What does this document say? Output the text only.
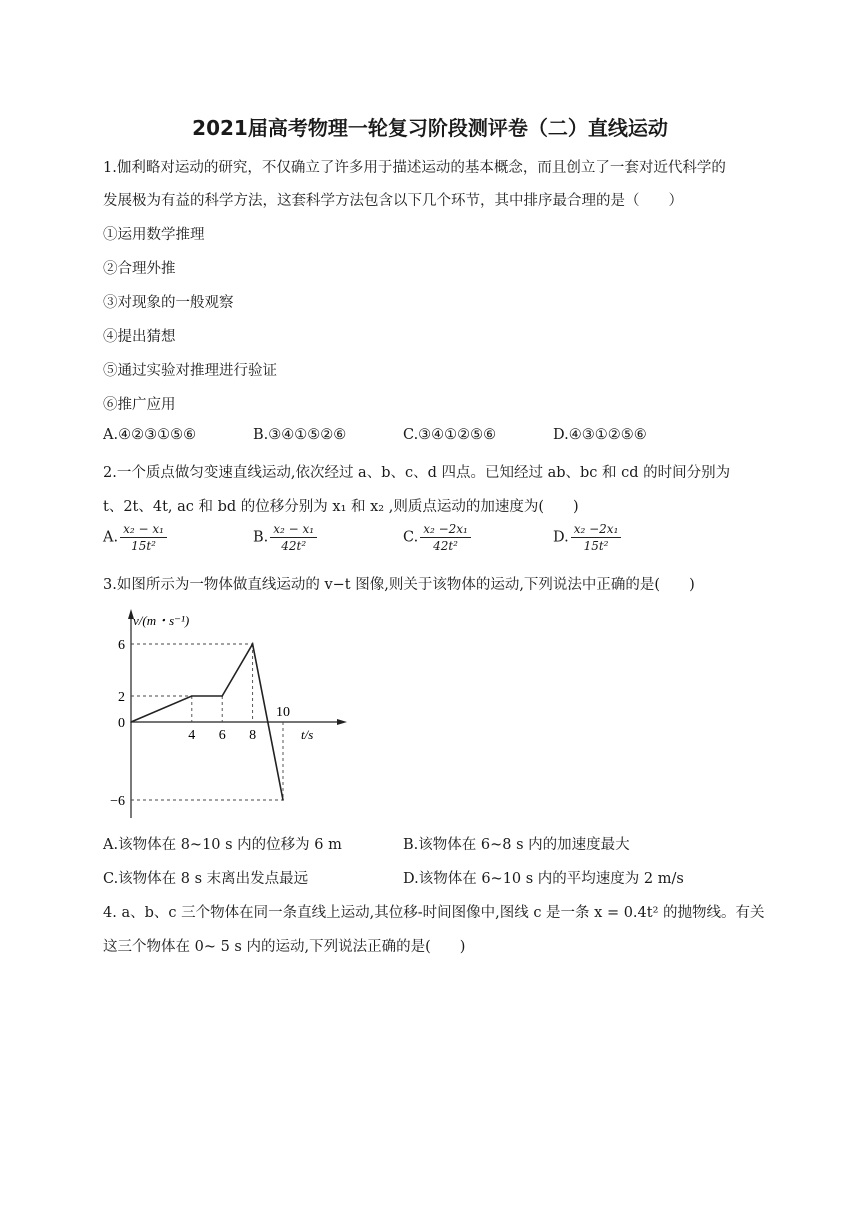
2021届高考物理一轮复习阶段测评卷（二）直线运动
1.伽利略对运动的研究，不仅确立了许多用于描述运动的基本概念，而且创立了一套对近代科学的
发展极为有益的科学方法，这套科学方法包含以下几个环节，其中排序最合理的是（　　）
①运用数学推理
②合理外推
③对现象的一般观察
④提出猜想
⑤通过实验对推理进行验证
⑥推广应用
A.④②③①⑤⑥	B.③④①⑤②⑥	C.③④①②⑤⑥	D.④③①②⑤⑥
2.一个质点做匀变速直线运动,依次经过 a、b、c、d 四点。已知经过 ab、bc 和 cd 的时间分别为
t、2t、4t, ac 和 bd 的位移分别为 x₁ 和 x₂ ,则质点运动的加速度为(　　)
A. $\frac{\text{x₂ − x₁}}{\text{15t²}}$	B. $\frac{\text{x₂ − x₁}}{\text{42t²}}$	C. $\frac{\text{x₂ −2x₁}}{\text{42t²}}$	D. $\frac{\text{x₂ −2x₁}}{\text{15t²}}$
3.如图所示为一物体做直线运动的 v−t 图像,则关于该物体的运动,下列说法中正确的是(　　)
v/(m・s⁻¹)
t/s
6
2
0
−6
4 6 8
10
A.该物体在 8~10 s 内的位移为 6 m	B.该物体在 6~8 s 内的加速度最大
C.该物体在 8 s 末离出发点最远	D.该物体在 6~10 s 内的平均速度为 2 m/s
4. a、b、c 三个物体在同一条直线上运动,其位移-时间图像中,图线 c 是一条 x = 0.4t² 的抛物线。有关
这三个物体在 0~ 5 s 内的运动,下列说法正确的是(　　)
